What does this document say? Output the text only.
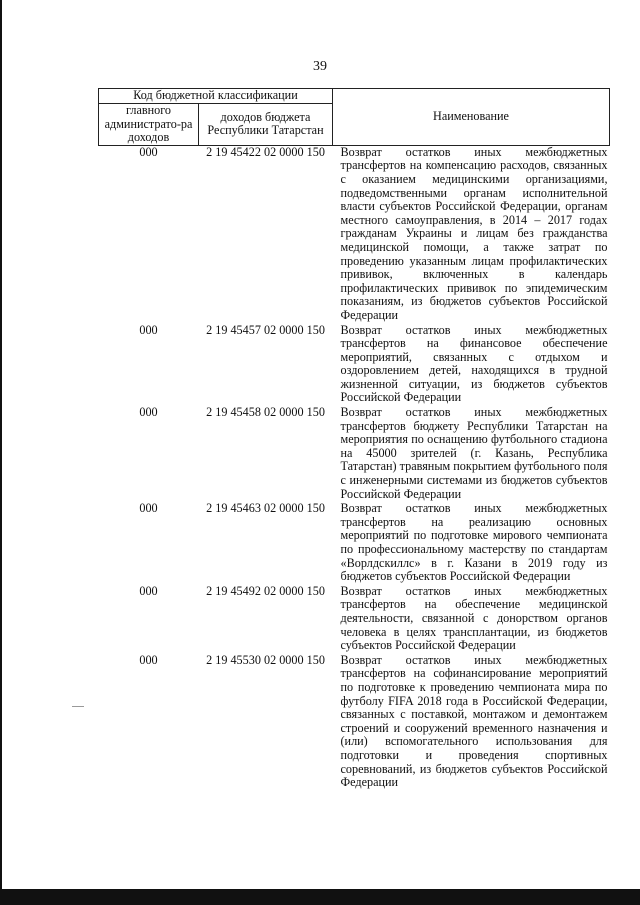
39
Код бюджетной классификации		Наименование
главного администрато-ра доходов	доходов бюджета Республики Татарстан	
000	2 19 45422 02 0000 150	Возврат остатков иных межбюджетных трансфертов на компенсацию расходов, связанных с оказанием медицинскими организациями, подведомственными органам исполнительной власти субъектов Российской Федерации, органам местного самоуправления, в 2014 – 2017 годах гражданам Украины и лицам без гражданства медицинской помощи, а также затрат по проведению указанным лицам профилактических прививок, включенных в календарь профилактических прививок по эпидемическим показаниям, из бюджетов субъектов Российской Федерации
000	2 19 45457 02 0000 150	Возврат остатков иных межбюджетных трансфертов на финансовое обеспечение мероприятий, связанных с отдыхом и оздоровлением детей, находящихся в трудной жизненной ситуации, из бюджетов субъектов Российской Федерации
000	2 19 45458 02 0000 150	Возврат остатков иных межбюджетных трансфертов бюджету Республики Татарстан на мероприятия по оснащению футбольного стадиона на 45000 зрителей (г. Казань, Республика Татарстан) травяным покрытием футбольного поля с инженерными системами из бюджетов субъектов Российской Федерации
000	2 19 45463 02 0000 150	Возврат остатков иных межбюджетных трансфертов на реализацию основных мероприятий по подготовке мирового чемпионата по профессиональному мастерству по стандартам «Ворлдскиллс» в г. Казани в 2019 году из бюджетов субъектов Российской Федерации
000	2 19 45492 02 0000 150	Возврат остатков иных межбюджетных трансфертов на обеспечение медицинской деятельности, связанной с донорством органов человека в целях трансплантации, из бюджетов субъектов Российской Федерации
000	2 19 45530 02 0000 150	Возврат остатков иных межбюджетных трансфертов на софинансирование мероприятий по подготовке к проведению чемпионата мира по футболу FIFA 2018 года в Российской Федерации, связанных с поставкой, монтажом и демонтажем строений и сооружений временного назначения и (или) вспомогательного использования для подготовки и проведения спортивных соревнований, из бюджетов субъектов Российской Федерации
